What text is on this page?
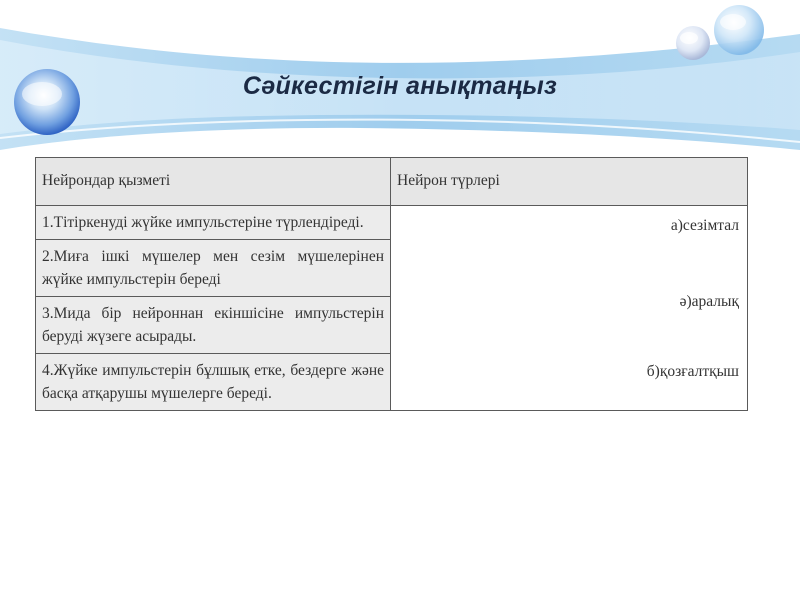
Сәйкестігін анықтаңыз
Нейрондар қызметі	Нейрон түрлері
1.Тітіркенуді жүйке импульстеріне түрлендіреді.	а)сезімтал
ә)аралық
б)қозғалтқыш

2.Миға ішкі мүшелер мен сезім мүшелерінен жүйке импульстерін береді	
3.Мида бір нейроннан екіншісіне импульстерін беруді жүзеге асырады.	
4.Жүйке импульстерін бұлшық етке, бездерге және басқа атқарушы мүшелерге береді.	
